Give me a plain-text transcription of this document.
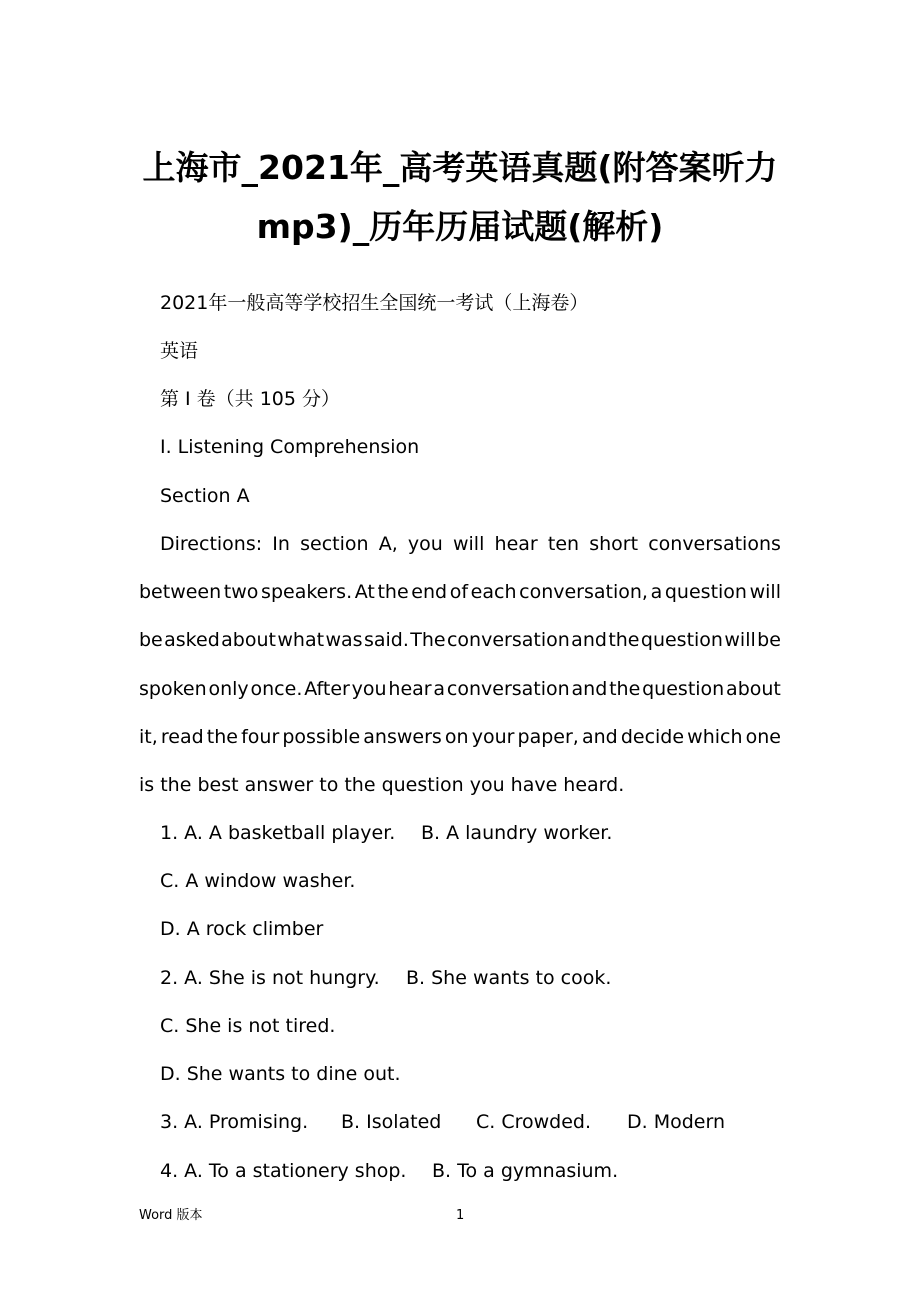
上海市_2021年_高考英语真题(附答案听力
mp3)_历年历届试题(解析)
2021年一般高等学校招生全国统一考试（上海卷）
英语
第 I 卷（共 105 分）
I. Listening Comprehension
Section A
Directions: In section A, you will hear ten short conversations
between two speakers. At the end of each conversation, a question will
be asked about what was said. The conversation and the question will be
spoken only once. After you hear a conversation and the question about
it, read the four possible answers on your paper, and decide which one
is the best answer to the question you have heard.
1. A. A basketball player. B. A laundry worker.
C. A window washer.
D. A rock climber
2. A. She is not hungry. B. She wants to cook.
C. She is not tired.
D. She wants to dine out.
3. A. Promising. B. Isolated C. Crowded. D. Modern
4. A. To a stationery shop. B. To a gymnasium.
Word 版本	1
